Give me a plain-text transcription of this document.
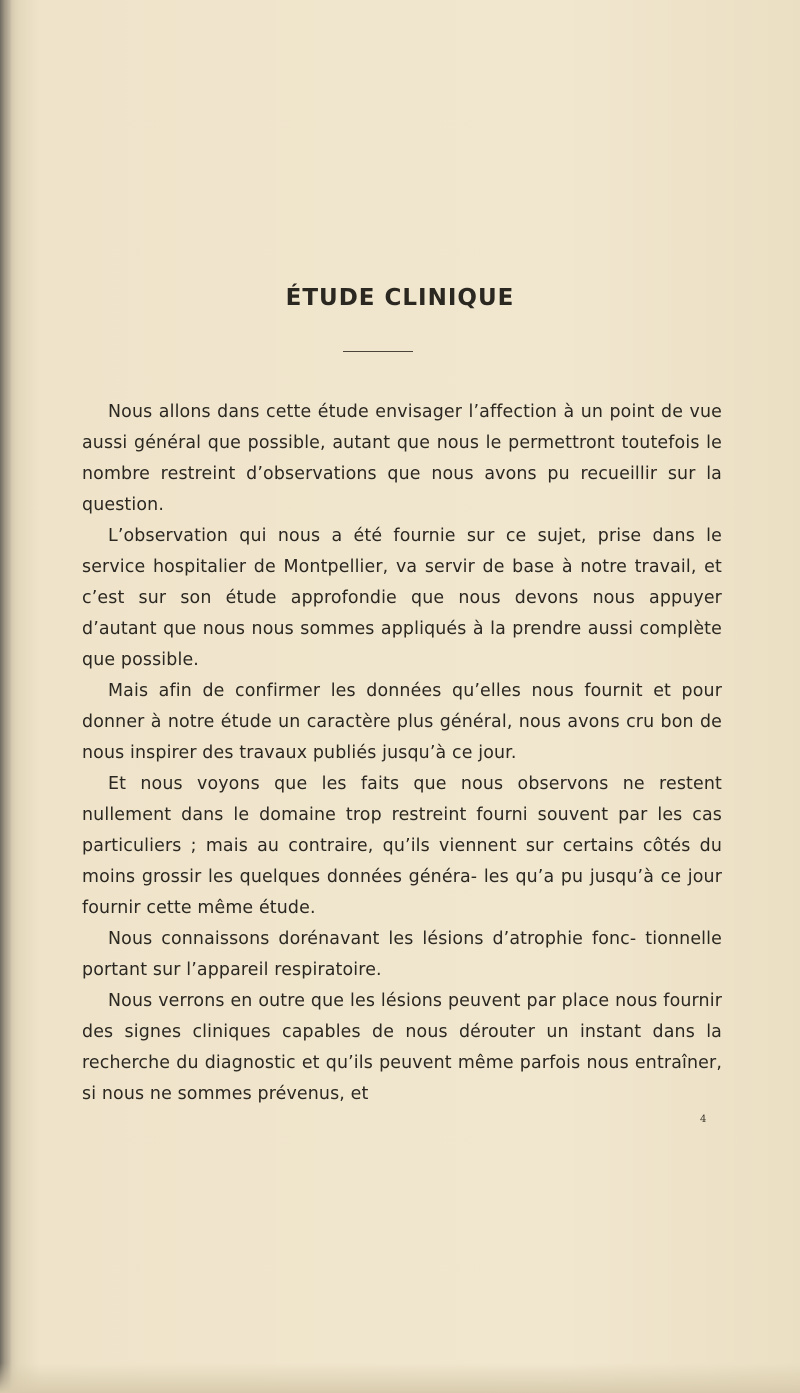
ÉTUDE CLINIQUE

Nous allons dans cette étude envisager l’affection à un point de vue aussi général que possible, autant que nous le permettront toutefois le nombre restreint d’observations que nous avons pu recueillir sur la question.

L’observation qui nous a été fournie sur ce sujet, prise dans le service hospitalier de Montpellier, va servir de base à notre travail, et c’est sur son étude approfondie que nous devons nous appuyer d’autant que nous nous sommes appliqués à la prendre aussi complète que possible.

Mais afin de confirmer les données qu’elles nous fournit et pour donner à notre étude un caractère plus général, nous avons cru bon de nous inspirer des travaux publiés jusqu’à ce jour.

Et nous voyons que les faits que nous observons ne restent nullement dans le domaine trop restreint fourni souvent par les cas particuliers ; mais au contraire, qu’ils viennent sur certains côtés du moins grossir les quelques données généra- les qu’a pu jusqu’à ce jour fournir cette même étude.

Nous connaissons dorénavant les lésions d’atrophie fonc- tionnelle portant sur l’appareil respiratoire.

Nous verrons en outre que les lésions peuvent par place nous fournir des signes cliniques capables de nous dérouter un instant dans la recherche du diagnostic et qu’ils peuvent même parfois nous entraîner, si nous ne sommes prévenus, et

4
